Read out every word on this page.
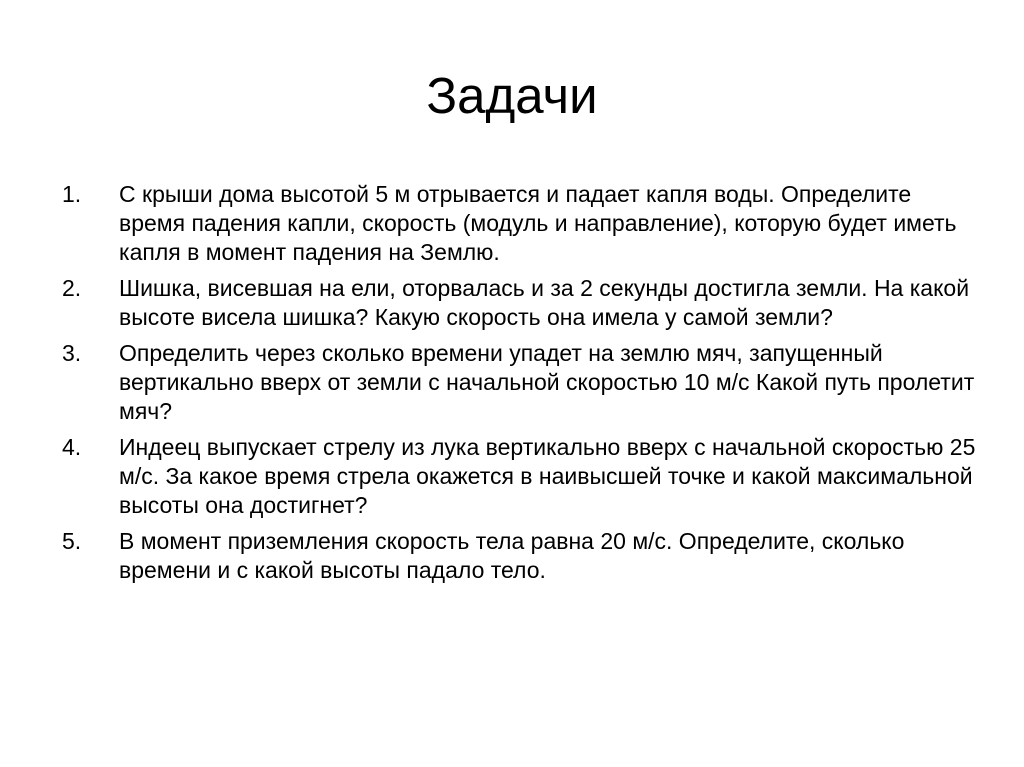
Задачи
1.	С крыши дома высотой 5 м отрывается и падает капля воды. Определите время падения капли, скорость (модуль и направление), которую будет иметь капля в момент падения на Землю.
2.	Шишка, висевшая на ели, оторвалась и за 2 секунды достигла земли. На какой высоте висела шишка? Какую скорость она имела у самой земли?
3.	Определить через сколько времени упадет на землю мяч, запущенный вертикально вверх от земли с начальной скоростью 10 м/с Какой путь пролетит мяч?
4.	Индеец выпускает стрелу из лука вертикально вверх с начальной скоростью 25 м/с. За какое время стрела окажется в наивысшей точке и какой максимальной высоты она достигнет?
5.	В момент приземления скорость тела равна 20 м/с. Определите, сколько времени и с какой высоты падало тело.
